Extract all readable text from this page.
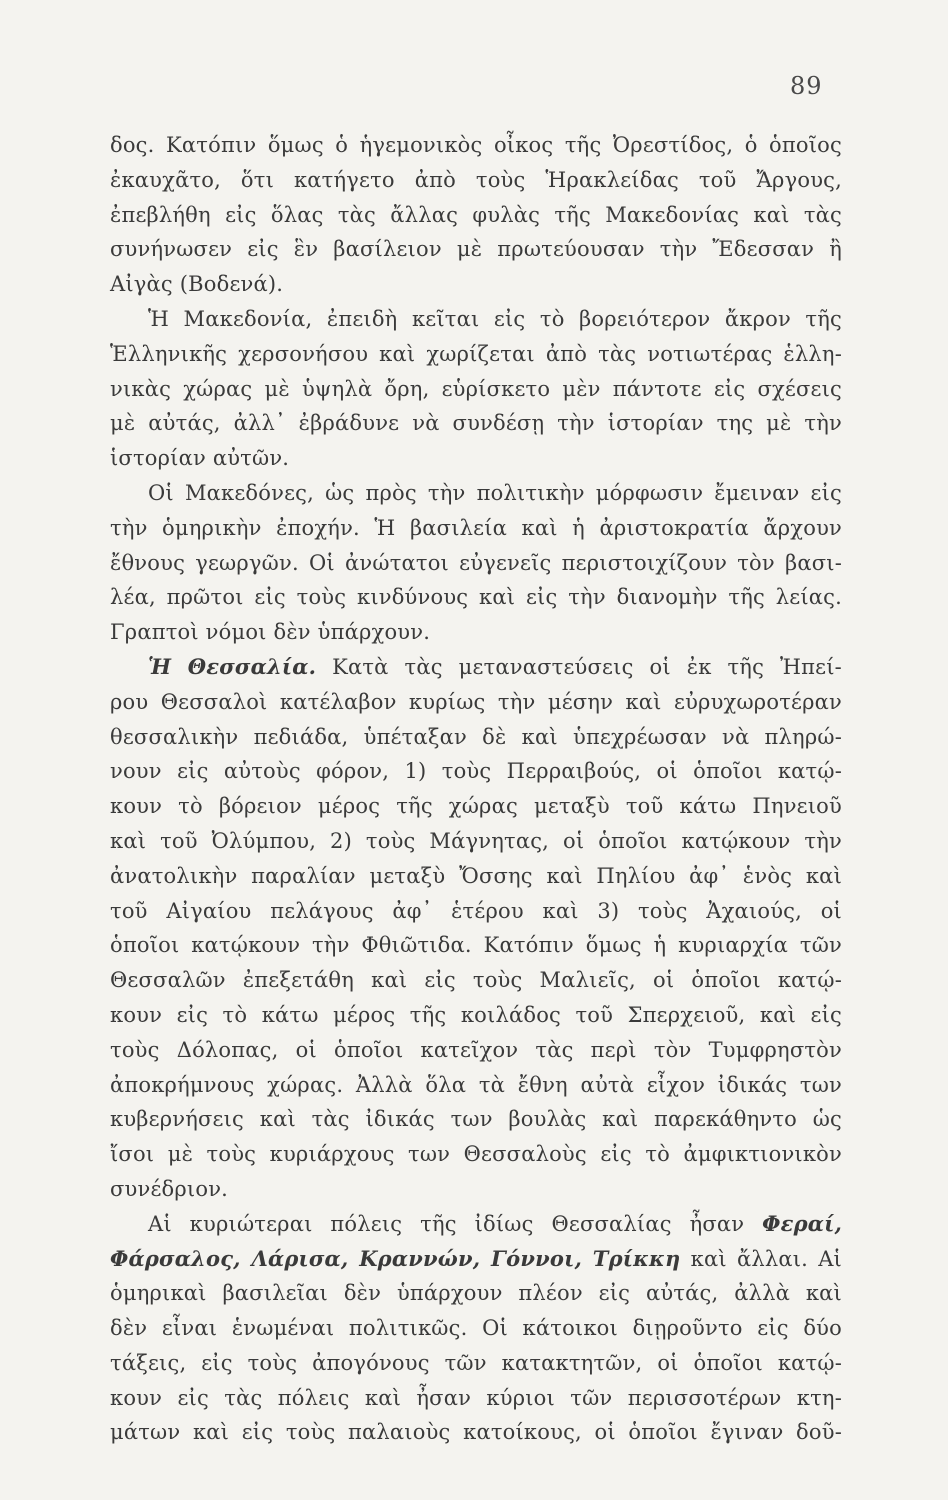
89
δος. Κατόπιν ὅμως ὁ ἡγεμονικὸς οἶκος τῆς Ὀρεστίδος, ὁ ὁποῖος
ἐκαυχᾶτο, ὅτι κατήγετο ἀπὸ τοὺς Ἡρακλείδας τοῦ Ἄργους,
ἐπεβλήθη εἰς ὅλας τὰς ἄλλας φυλὰς τῆς Μακεδονίας καὶ τὰς
συνήνωσεν εἰς ἓν βασίλειον μὲ πρωτεύουσαν τὴν Ἔδεσσαν ἢ
Αἰγὰς (Βοδενά).
Ἡ Μακεδονία, ἐπειδὴ κεῖται εἰς τὸ βορειότερον ἄκρον τῆς
Ἑλληνικῆς χερσονήσου καὶ χωρίζεται ἀπὸ τὰς νοτιωτέρας ἑλλη-
νικὰς χώρας μὲ ὑψηλὰ ὄρη, εὑρίσκετο μὲν πάντοτε εἰς σχέσεις
μὲ αὐτάς, ἀλλ᾽ ἐβράδυνε νὰ συνδέσῃ τὴν ἱστορίαν της μὲ τὴν
ἱστορίαν αὐτῶν.
Οἱ Μακεδόνες, ὡς πρὸς τὴν πολιτικὴν μόρφωσιν ἔμειναν εἰς
τὴν ὁμηρικὴν ἐποχήν. Ἡ βασιλεία καὶ ἡ ἀριστοκρατία ἄρχουν
ἔθνους γεωργῶν. Οἱ ἀνώτατοι εὐγενεῖς περιστοιχίζουν τὸν βασι-
λέα, πρῶτοι εἰς τοὺς κινδύνους καὶ εἰς τὴν διανομὴν τῆς λείας.
Γραπτοὶ νόμοι δὲν ὑπάρχουν.
Ἡ Θεσσαλία. Κατὰ τὰς μεταναστεύσεις οἱ ἐκ τῆς Ἠπεί-
ρου Θεσσαλοὶ κατέλαβον κυρίως τὴν μέσην καὶ εὐρυχωροτέραν
θεσσαλικὴν πεδιάδα, ὑπέταξαν δὲ καὶ ὑπεχρέωσαν νὰ πληρώ-
νουν εἰς αὐτοὺς φόρον, 1) τοὺς Περραιβούς, οἱ ὁποῖοι κατῴ-
κουν τὸ βόρειον μέρος τῆς χώρας μεταξὺ τοῦ κάτω Πηνειοῦ
καὶ τοῦ Ὀλύμπου, 2) τοὺς Μάγνητας, οἱ ὁποῖοι κατῴκουν τὴν
ἀνατολικὴν παραλίαν μεταξὺ Ὄσσης καὶ Πηλίου ἀφ᾽ ἑνὸς καὶ
τοῦ Αἰγαίου πελάγους ἀφ᾽ ἑτέρου καὶ 3) τοὺς Ἀχαιούς, οἱ
ὁποῖοι κατῴκουν τὴν Φθιῶτιδα. Κατόπιν ὅμως ἡ κυριαρχία τῶν
Θεσσαλῶν ἐπεξετάθη καὶ εἰς τοὺς Μαλιεῖς, οἱ ὁποῖοι κατῴ-
κουν εἰς τὸ κάτω μέρος τῆς κοιλάδος τοῦ Σπερχειοῦ, καὶ εἰς
τοὺς Δόλοπας, οἱ ὁποῖοι κατεῖχον τὰς περὶ τὸν Τυμφρηστὸν
ἀποκρήμνους χώρας. Ἀλλὰ ὅλα τὰ ἔθνη αὐτὰ εἶχον ἰδικάς των
κυβερνήσεις καὶ τὰς ἰδικάς των βουλὰς καὶ παρεκάθηντο ὡς
ἴσοι μὲ τοὺς κυριάρχους των Θεσσαλοὺς εἰς τὸ ἀμφικτιονικὸν
συνέδριον.
Αἱ κυριώτεραι πόλεις τῆς ἰδίως Θεσσαλίας ἦσαν Φεραί,
Φάρσαλος, Λάρισα, Κραννών, Γόννοι, Τρίκκη καὶ ἄλλαι. Αἱ
ὁμηρικαὶ βασιλεῖαι δὲν ὑπάρχουν πλέον εἰς αὐτάς, ἀλλὰ καὶ
δὲν εἶναι ἑνωμέναι πολιτικῶς. Οἱ κάτοικοι διῃροῦντο εἰς δύο
τάξεις, εἰς τοὺς ἀπογόνους τῶν κατακτητῶν, οἱ ὁποῖοι κατῴ-
κουν εἰς τὰς πόλεις καὶ ἦσαν κύριοι τῶν περισσοτέρων κτη-
μάτων καὶ εἰς τοὺς παλαιοὺς κατοίκους, οἱ ὁποῖοι ἔγιναν δοῦ-
